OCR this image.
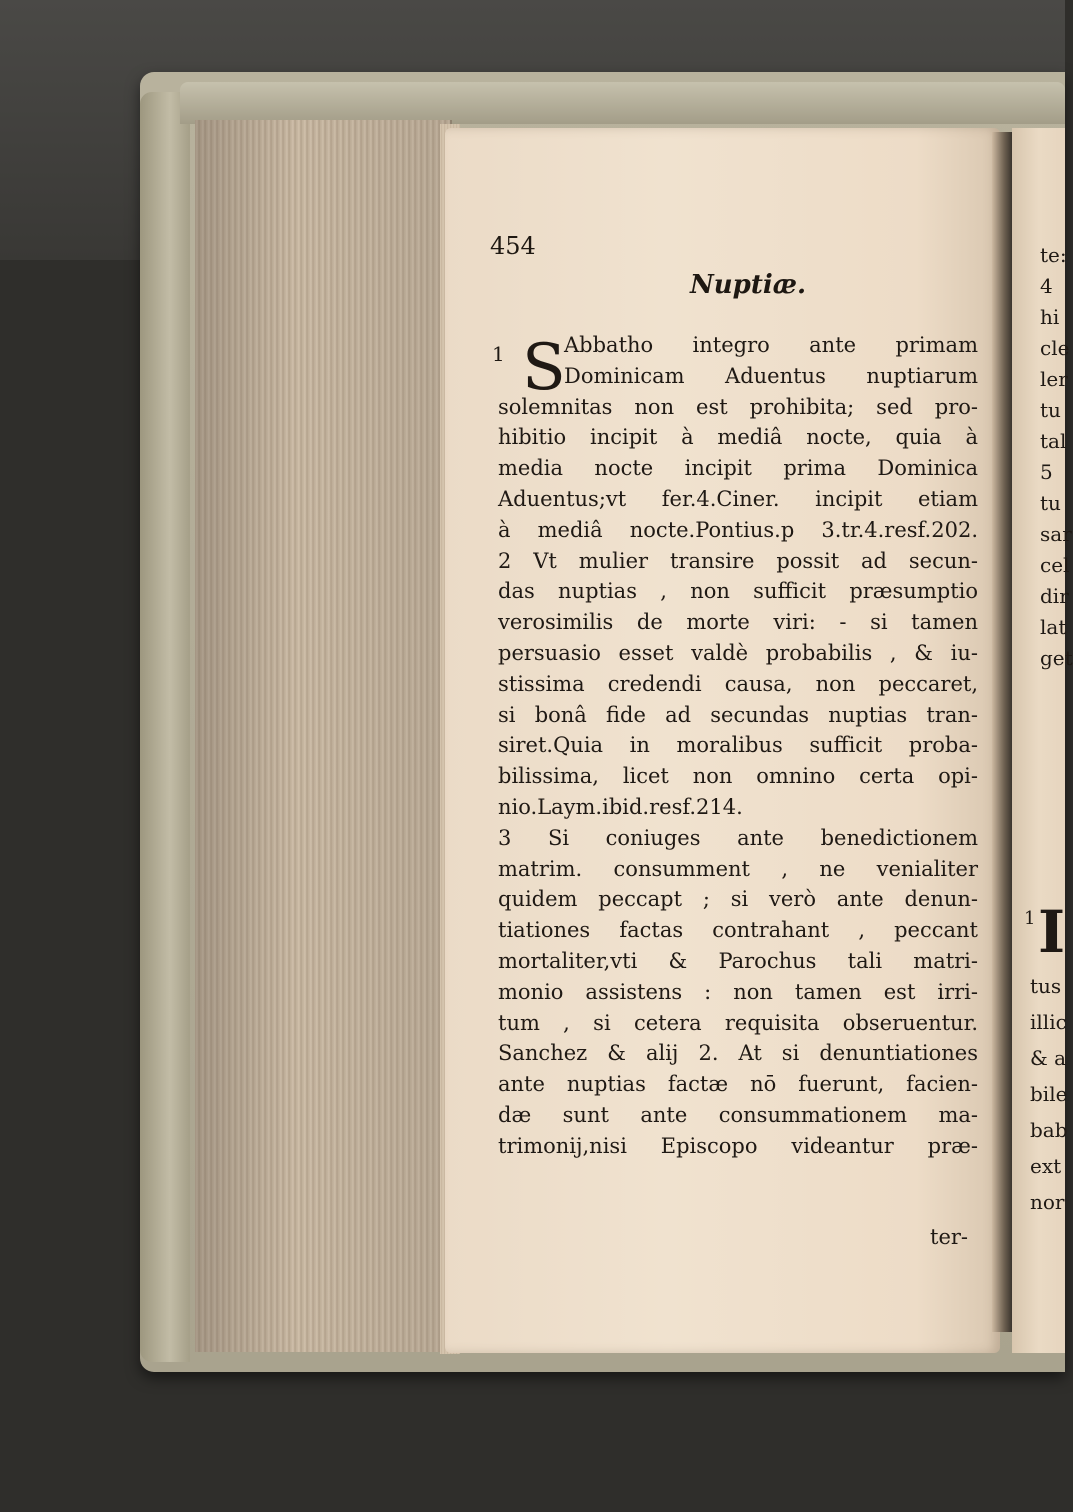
454
Nuptiæ.
S
1	Abbatho integro ante primam
Dominicam Aduentus nuptiarum
solemnitas non est prohibita; sed pro-
hibitio incipit à mediâ nocte, quia à
media nocte incipit prima Dominica
Aduentus;vt fer.4.Ciner. incipit etiam
à mediâ nocte.Pontius.p 3.tr.4.resf.202.
2 Vt mulier transire possit ad secun-
das nuptias , non sufficit præsumptio
verosimilis de morte viri: - si tamen
persuasio esset valdè probabilis , & iu-
stissima credendi causa, non peccaret,
si bonâ fide ad secundas nuptias tran-
siret.Quia in moralibus sufficit proba-
bilissima, licet non omnino certa opi-
nio.Laym.ibid.resf.214.
3 Si coniuges ante benedictionem
matrim. consumment , ne venialiter
quidem peccapt ; si verò ante denun-
tiationes factas contrahant , peccant
mortaliter,vti & Parochus tali matri-
monio assistens : non tamen est irri-
tum , si cetera requisita obseruentur.
Sanchez & alij 2. At si denuntiationes
ante nuptias factæ nō fuerunt, facien-
dæ sunt ante consummationem ma-
trimonij,nisi Episcopo videantur præ-
ter-
te:
4
hi
cle
ler
tu
tal
5
tu
sar
cel
dir
lat
get
1 I
tus
illic
& a
bile
bab
ext
nor
